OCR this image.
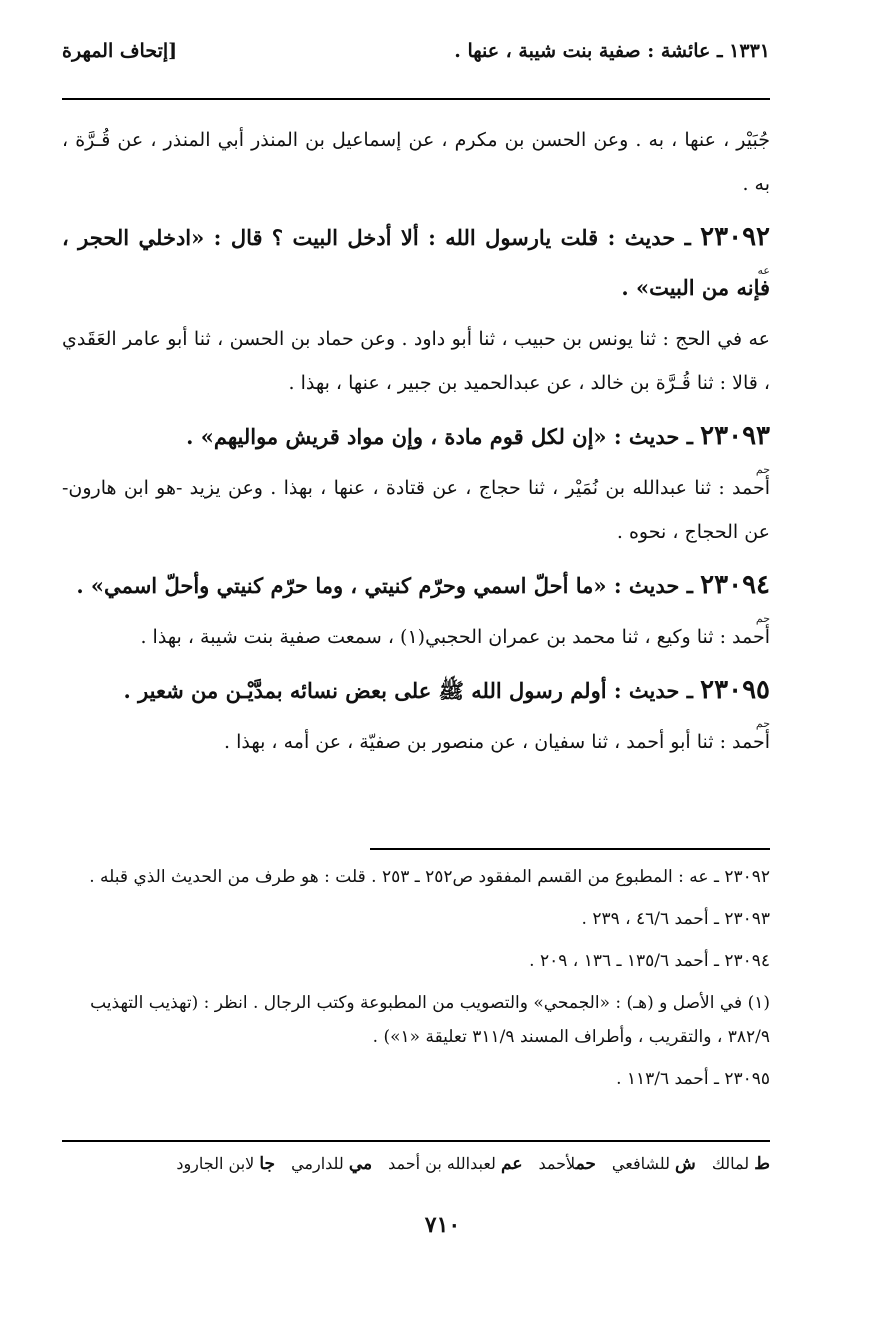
١٣٣١ ـ عائشة : صفية بنت شيبة ، عنها .
[إتحاف المهرة

جُبَيْر ، عنها ، به . وعن الحسن بن مكرم ، عن إسماعيل بن المنذر أبي المنذر ، عن قُـرَّة ، به .

٢٣٠٩٢ ـ حديث : قلت يارسول الله : ألا أدخل البيت ؟ قال : «ادخلي الحجر ، فإنه من البيت» .
عه

عه في الحج : ثنا يونس بن حبيب ، ثنا أبو داود . وعن حماد بن الحسن ، ثنا أبو عامر العَقَدي ، قالا : ثنا قُـرَّة بن خالد ، عن عبدالحميد بن جبير ، عنها ، بهذا .

٢٣٠٩٣ ـ حديث : «إن لكل قوم مادة ، وإن مواد قريش مواليهم» .
حم

أحمد : ثنا عبدالله بن نُمَيْر ، ثنا حجاج ، عن قتادة ، عنها ، بهذا . وعن يزيد -هو ابن هارون- عن الحجاج ، نحوه .

٢٣٠٩٤ ـ حديث : «ما أحلّ اسمي وحرّم كنيتي ، وما حرّم كنيتي وأحلّ اسمي» .
حم

أحمد : ثنا وكيع ، ثنا محمد بن عمران الحجبي(١) ، سمعت صفية بنت شيبة ، بهذا .

٢٣٠٩٥ ـ حديث : أولم رسول الله ﷺ على بعض نسائه بمدَّيْـن من شعير .
حم

أحمد : ثنا أبو أحمد ، ثنا سفيان ، عن منصور بن صفيّة ، عن أمه ، بهذا .

٢٣٠٩٢ ـ عه : المطبوع من القسم المفقود ص٢٥٢ ـ ٢٥٣ . قلت : هو طرف من الحديث الذي قبله .

٢٣٠٩٣ ـ أحمد ٤٦/٦ ، ٢٣٩ .

٢٣٠٩٤ ـ أحمد ١٣٥/٦ ـ ١٣٦ ، ٢٠٩ .

(١) في الأصل و (هـ) : «الجمحي» والتصويب من المطبوعة وكتب الرجال . انظر : (تهذيب التهذيب ٣٨٢/٩ ، والتقريب ، وأطراف المسند ٣١١/٩ تعليقة «١») .

٢٣٠٩٥ ـ أحمد ١١٣/٦ .

ط لمالك
ش للشافعي
حملأحمد
عم لعبدالله بن أحمد
مي للدارمي
جا لابن الجارود
٧١٠
